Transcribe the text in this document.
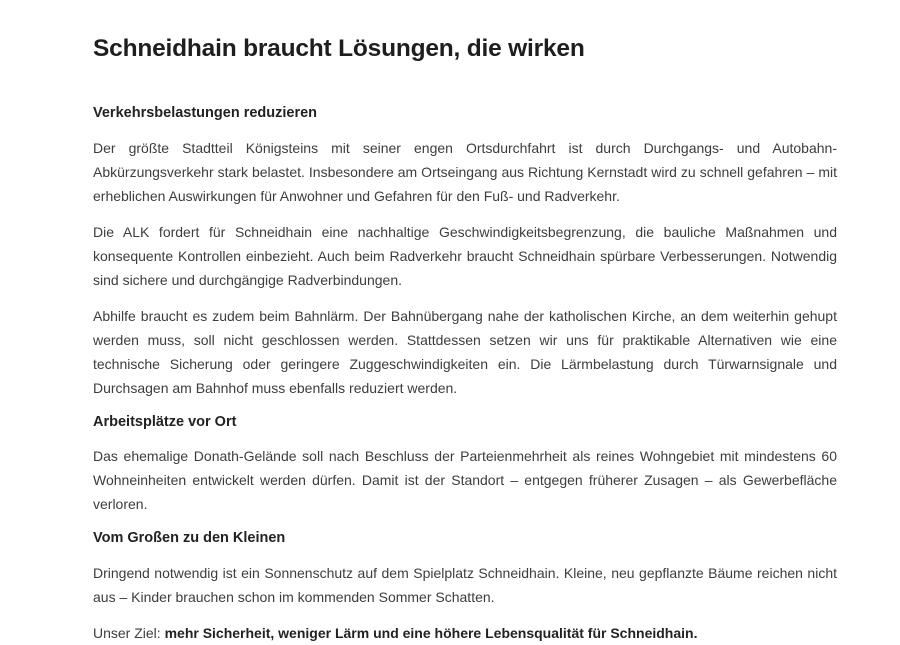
Schneidhain braucht Lösungen, die wirken
Verkehrsbelastungen reduzieren

Der größte Stadtteil Königsteins mit seiner engen Ortsdurchfahrt ist durch Durchgangs- und Autobahn-Abkürzungsverkehr stark belastet. Insbesondere am Ortseingang aus Richtung Kernstadt wird zu schnell gefahren – mit erheblichen Auswirkungen für Anwohner und Gefahren für den Fuß- und Radverkehr.

Die ALK fordert für Schneidhain eine nachhaltige Geschwindigkeitsbegrenzung, die bauliche Maßnahmen und konsequente Kontrollen einbezieht. Auch beim Radverkehr braucht Schneidhain spürbare Verbesserungen. Notwendig sind sichere und durchgängige Radverbindungen.

Abhilfe braucht es zudem beim Bahnlärm. Der Bahnübergang nahe der katholischen Kirche, an dem weiterhin gehupt werden muss, soll nicht geschlossen werden. Stattdessen setzen wir uns für praktikable Alternativen wie eine technische Sicherung oder geringere Zuggeschwindigkeiten ein. Die Lärmbelastung durch Türwarnsignale und Durchsagen am Bahnhof muss ebenfalls reduziert werden.

Arbeitsplätze vor Ort

Das ehemalige Donath-Gelände soll nach Beschluss der Parteienmehrheit als reines Wohngebiet mit mindestens 60 Wohneinheiten entwickelt werden dürfen. Damit ist der Standort – entgegen früherer Zusagen – als Gewerbefläche verloren.

Vom Großen zu den Kleinen

Dringend notwendig ist ein Sonnenschutz auf dem Spielplatz Schneidhain. Kleine, neu gepflanzte Bäume reichen nicht aus – Kinder brauchen schon im kommenden Sommer Schatten.

Unser Ziel: mehr Sicherheit, weniger Lärm und eine höhere Lebensqualität für Schneidhain.
